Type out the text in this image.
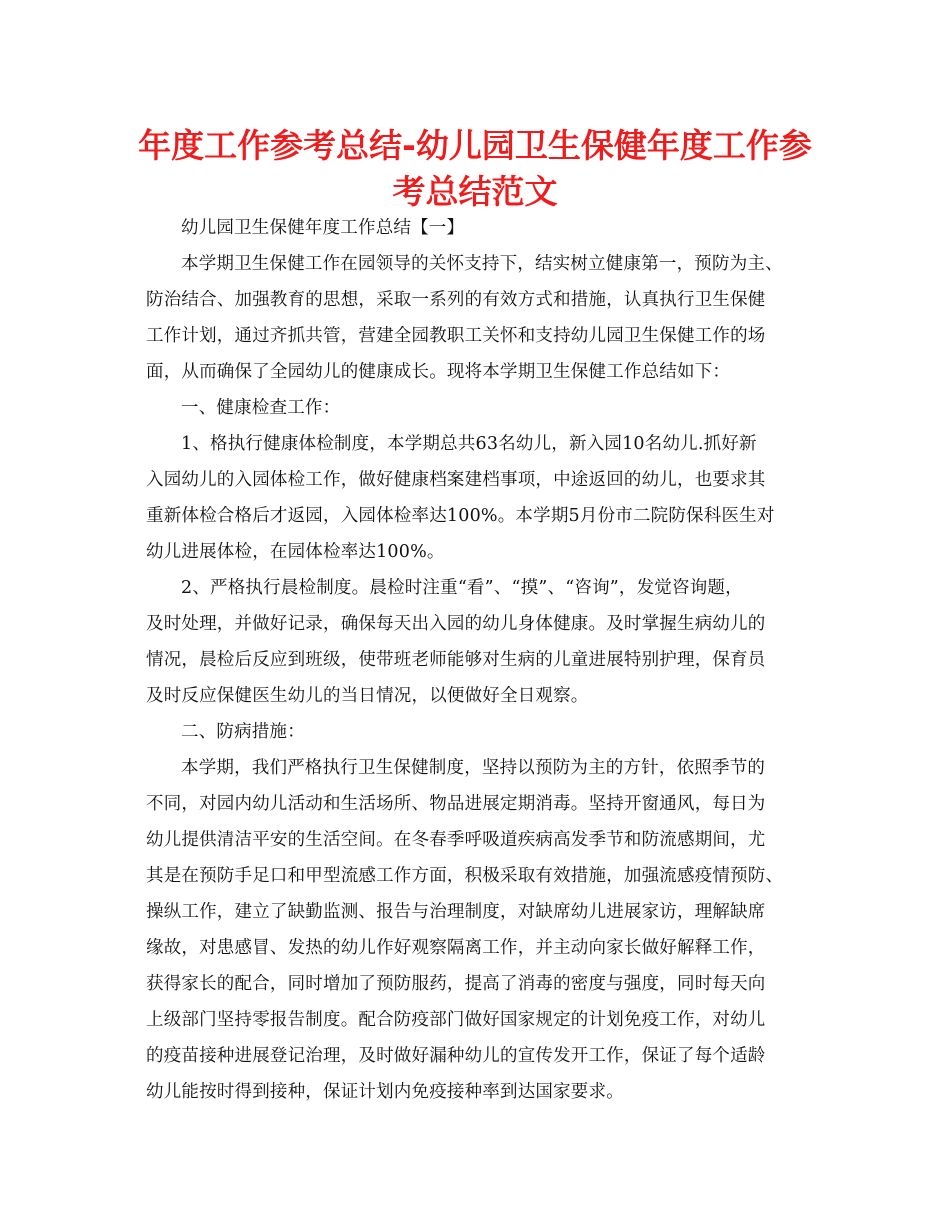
年度工作参考总结-幼儿园卫生保健年度工作参
考总结范文
幼儿园卫生保健年度工作总结【一】
本学期卫生保健工作在园领导的关怀支持下，结实树立健康第一，预防为主、
防治结合、加强教育的思想，采取一系列的有效方式和措施，认真执行卫生保健
工作计划，通过齐抓共管，营建全园教职工关怀和支持幼儿园卫生保健工作的场
面，从而确保了全园幼儿的健康成长。现将本学期卫生保健工作总结如下：
一、健康检查工作：
1、格执行健康体检制度，本学期总共63名幼儿，新入园10名幼儿.抓好新
入园幼儿的入园体检工作，做好健康档案建档事项，中途返回的幼儿，也要求其
重新体检合格后才返园，入园体检率达100%。本学期5月份市二院防保科医生对
幼儿进展体检，在园体检率达100%。
2、严格执行晨检制度。晨检时注重“看”、“摸”、“咨询”，发觉咨询题，
及时处理，并做好记录，确保每天出入园的幼儿身体健康。及时掌握生病幼儿的
情况，晨检后反应到班级，使带班老师能够对生病的儿童进展特别护理，保育员
及时反应保健医生幼儿的当日情况，以便做好全日观察。
二、防病措施：
本学期，我们严格执行卫生保健制度，坚持以预防为主的方针，依照季节的
不同，对园内幼儿活动和生活场所、物品进展定期消毒。坚持开窗通风，每日为
幼儿提供清洁平安的生活空间。在冬春季呼吸道疾病高发季节和防流感期间，尤
其是在预防手足口和甲型流感工作方面，积极采取有效措施，加强流感疫情预防、
操纵工作，建立了缺勤监测、报告与治理制度，对缺席幼儿进展家访，理解缺席
缘故，对患感冒、发热的幼儿作好观察隔离工作，并主动向家长做好解释工作，
获得家长的配合，同时增加了预防服药，提高了消毒的密度与强度，同时每天向
上级部门坚持零报告制度。配合防疫部门做好国家规定的计划免疫工作，对幼儿
的疫苗接种进展登记治理，及时做好漏种幼儿的宣传发开工作，保证了每个适龄
幼儿能按时得到接种，保证计划内免疫接种率到达国家要求。
